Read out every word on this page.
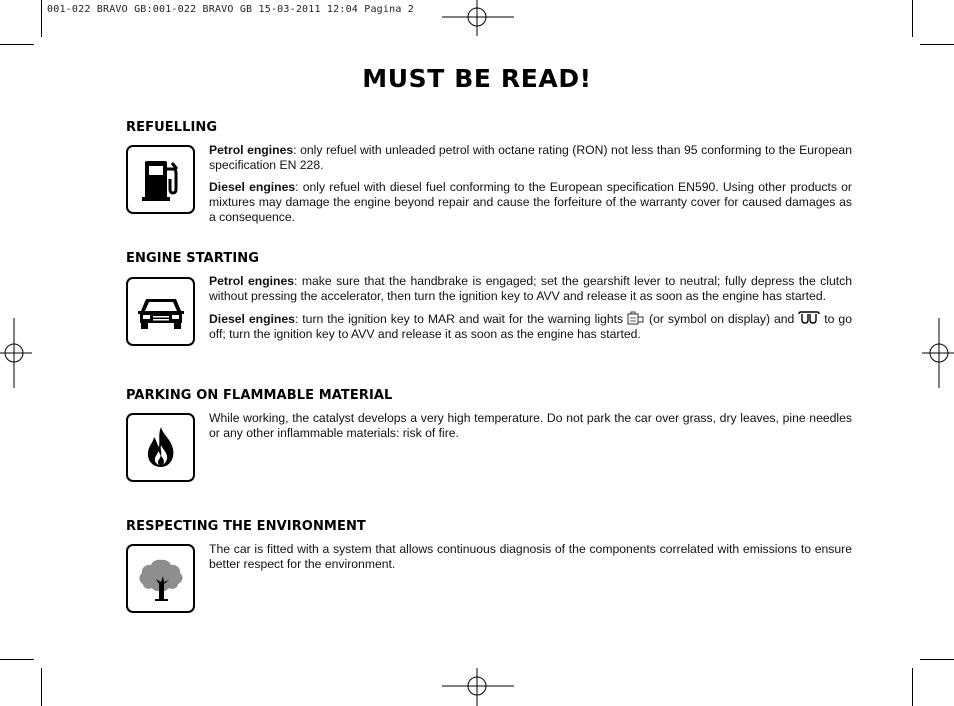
001-022 BRAVO GB:001-022 BRAVO GB 15-03-2011 12:04 Pagina 2
MUST BE READ!
REFUELLING

Petrol engines: only refuel with unleaded petrol with octane rating (RON) not less than 95 conforming to the European specification EN 228.

Diesel engines: only refuel with diesel fuel conforming to the European specification EN590. Using other products or mixtures may damage the engine beyond repair and cause the forfeiture of the warranty cover for caused damages as a consequence.

ENGINE STARTING

Petrol engines: make sure that the handbrake is engaged; set the gearshift lever to neutral; fully depress the clutch without pressing the accelerator, then turn the ignition key to AVV and release it as soon as the engine has started.

Diesel engines: turn the ignition key to MAR and wait for the warning lights  (or symbol on display) and  to go off; turn the ignition key to AVV and release it as soon as the engine has started.

PARKING ON FLAMMABLE MATERIAL

While working, the catalyst develops a very high temperature. Do not park the car over grass, dry leaves, pine needles or any other inflammable materials: risk of fire.

RESPECTING THE ENVIRONMENT

The car is fitted with a system that allows continuous diagnosis of the components correlated with emissions to ensure better respect for the environment.
